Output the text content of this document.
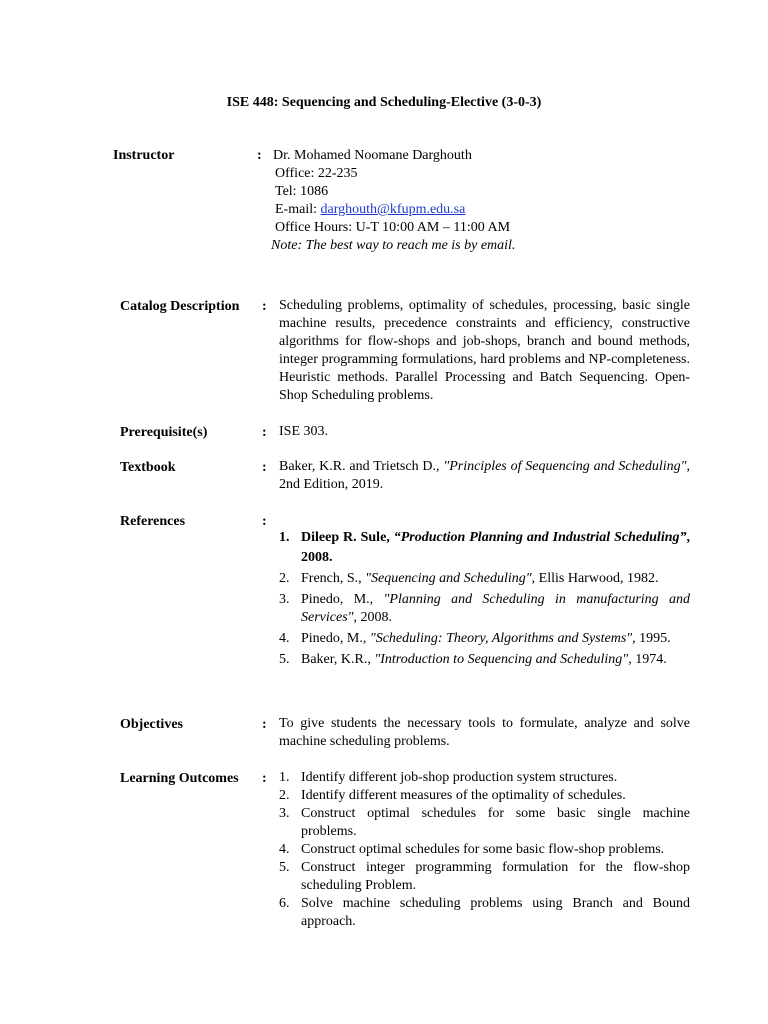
ISE 448: Sequencing and Scheduling-Elective (3-0-3)
Instructor	: Dr. Mohamed Noomane Darghouth
Office: 22-235
Tel: 1086
E-mail: darghouth@kfupm.edu.sa
Office Hours: U-T 10:00 AM – 11:00 AM
Note: The best way to reach me is by email.
Catalog Description : Scheduling problems, optimality of schedules, processing, basic single machine results, precedence constraints and efficiency, constructive algorithms for flow-shops and job-shops, branch and bound methods, integer programming formulations, hard problems and NP-completeness. Heuristic methods. Parallel Processing and Batch Sequencing. Open-Shop Scheduling problems.
Prerequisite(s)	: ISE 303.
Textbook	: Baker, K.R. and Trietsch D., "Principles of Sequencing and Scheduling", 2nd Edition, 2019.
References	:

1. Dileep R. Sule, “Production Planning and Industrial Scheduling”, 2008.

2. French, S., "Sequencing and Scheduling", Ellis Harwood, 1982.

3. Pinedo, M., "Planning and Scheduling in manufacturing and Services", 2008.

4. Pinedo, M., "Scheduling: Theory, Algorithms and Systems", 1995.

5. Baker, K.R., "Introduction to Sequencing and Scheduling", 1974.

Objectives	: To give students the necessary tools to formulate, analyze and solve machine scheduling problems.
Learning Outcomes : 1. Identify different job-shop production system structures.

2. Identify different measures of the optimality of schedules.

3. Construct optimal schedules for some basic single machine problems.

4. Construct optimal schedules for some basic flow-shop problems.

5. Construct integer programming formulation for the flow-shop scheduling Problem.

6. Solve machine scheduling problems using Branch and Bound approach.
